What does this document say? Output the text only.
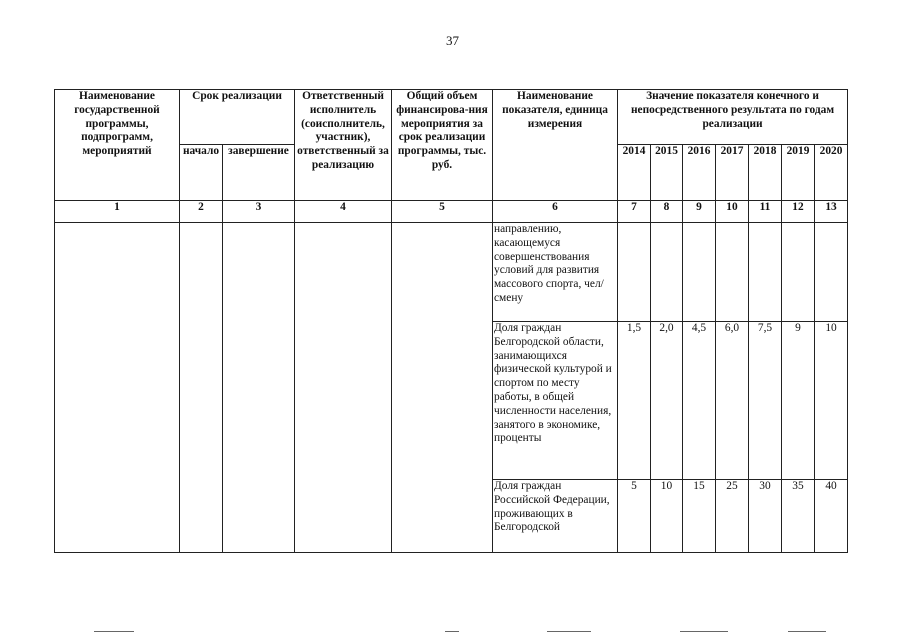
37
Наименование государственной программы, подпрограмм, мероприятий	Срок реализации		Ответственный исполнитель (соисполнитель, участник), ответственный за реализацию	Общий объем финансирова-ния мероприятия за срок реализации программы, тыс. руб.	Наименование показателя, единица измерения	Значение показателя конечного и непосредственного результата по годам реализации						
	начало	завершение				2014	2015	2016	2017	2018	2019	2020
1	2	3	4	5	6	7	8	9	10	11	12	13
					направлению, касающемуся совершенствования условий для развития массового спорта, чел/смену							
					Доля граждан Белгородской области, занимающихся физической культурой и спортом по месту работы, в общей численности населения, занятого в экономике, проценты	1,5	2,0	4,5	6,0	7,5	9	10
					Доля граждан Российской Федерации, проживающих в Белгородской	5	10	15	25	30	35	40
